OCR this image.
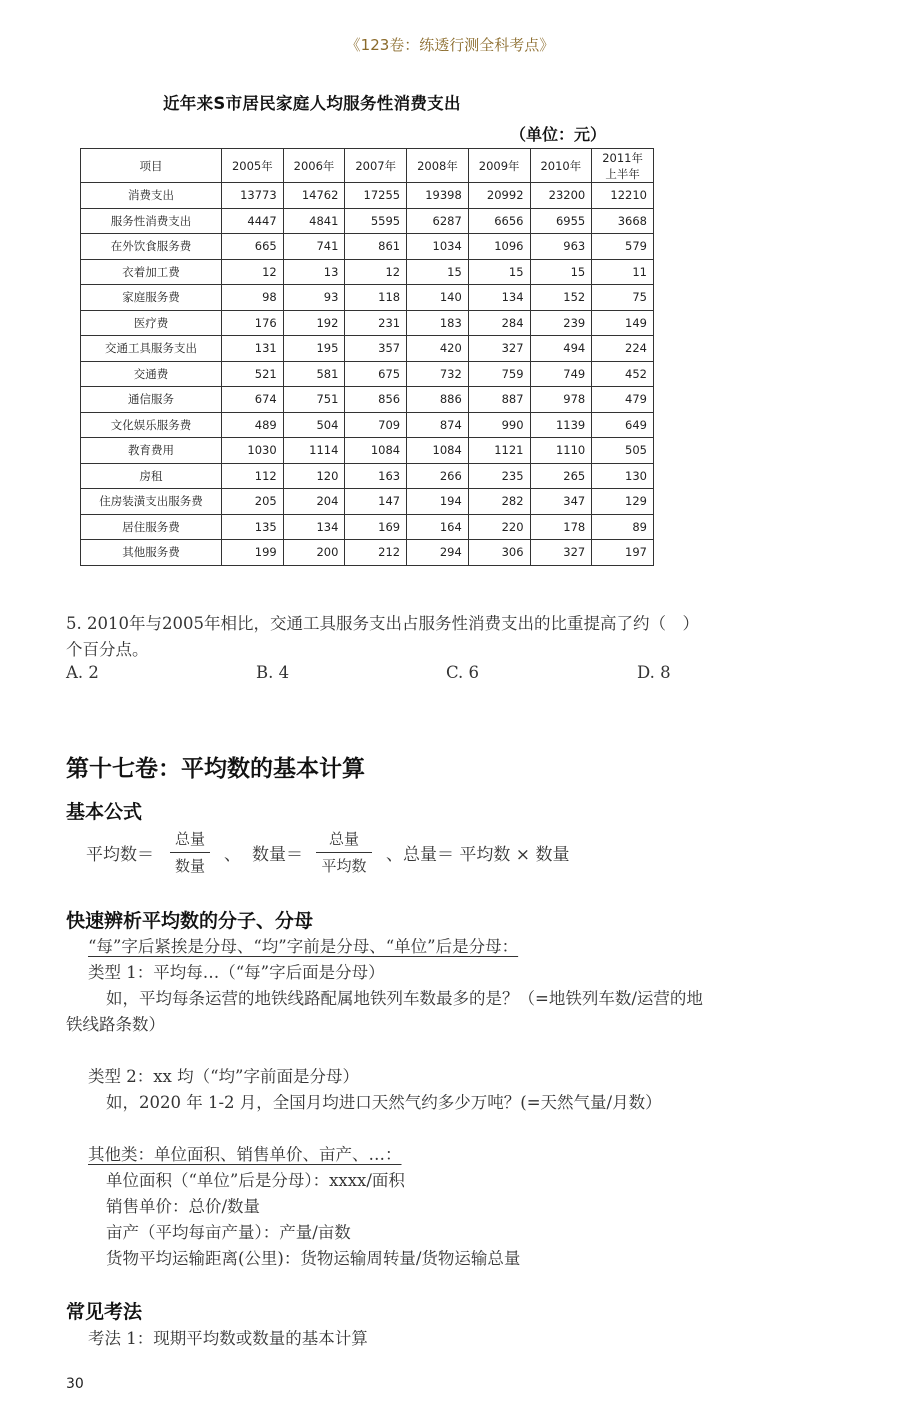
《123卷：练透行测全科考点》
近年来S市居民家庭人均服务性消费支出
（单位：元）
项目	2005年	2006年	2007年	2008年	2009年	2010年	2011年
上半年
消费支出	13773	14762	17255	19398	20992	23200	12210
服务性消费支出	4447	4841	5595	6287	6656	6955	3668
在外饮食服务费	665	741	861	1034	1096	963	579
衣着加工费	12	13	12	15	15	15	11
家庭服务费	98	93	118	140	134	152	75
医疗费	176	192	231	183	284	239	149
交通工具服务支出	131	195	357	420	327	494	224
交通费	521	581	675	732	759	749	452
通信服务	674	751	856	886	887	978	479
文化娱乐服务费	489	504	709	874	990	1139	649
教育费用	1030	1114	1084	1084	1121	1110	505
房租	112	120	163	266	235	265	130
住房装潢支出服务费	205	204	147	194	282	347	129
居住服务费	135	134	169	164	220	178	89
其他服务费	199	200	212	294	306	327	197
5. 2010年与2005年相比，交通工具服务支出占服务性消费支出的比重提高了约（　）
个百分点。
A. 2	B. 4	C. 6	D. 8
第十七卷：平均数的基本计算
基本公式
平均数＝
总量
数量
、 数量＝
总量
平均数
、总量＝ 平均数 × 数量
快速辨析平均数的分子、分母
“每”字后紧挨是分母、“均”字前是分母、“单位”后是分母：
类型 1：平均每…（“每”字后面是分母）
如，平均每条运营的地铁线路配属地铁列车数最多的是？（=地铁列车数/运营的地
铁线路条数）
类型 2：xx 均（“均”字前面是分母）
如，2020 年 1-2 月，全国月均进口天然气约多少万吨？(=天然气量/月数）
其他类：单位面积、销售单价、亩产、…：
单位面积（“单位”后是分母）：xxxx/面积
销售单价：总价/数量
亩产（平均每亩产量）：产量/亩数
货物平均运输距离(公里)：货物运输周转量/货物运输总量
常见考法
考法 1：现期平均数或数量的基本计算
30
